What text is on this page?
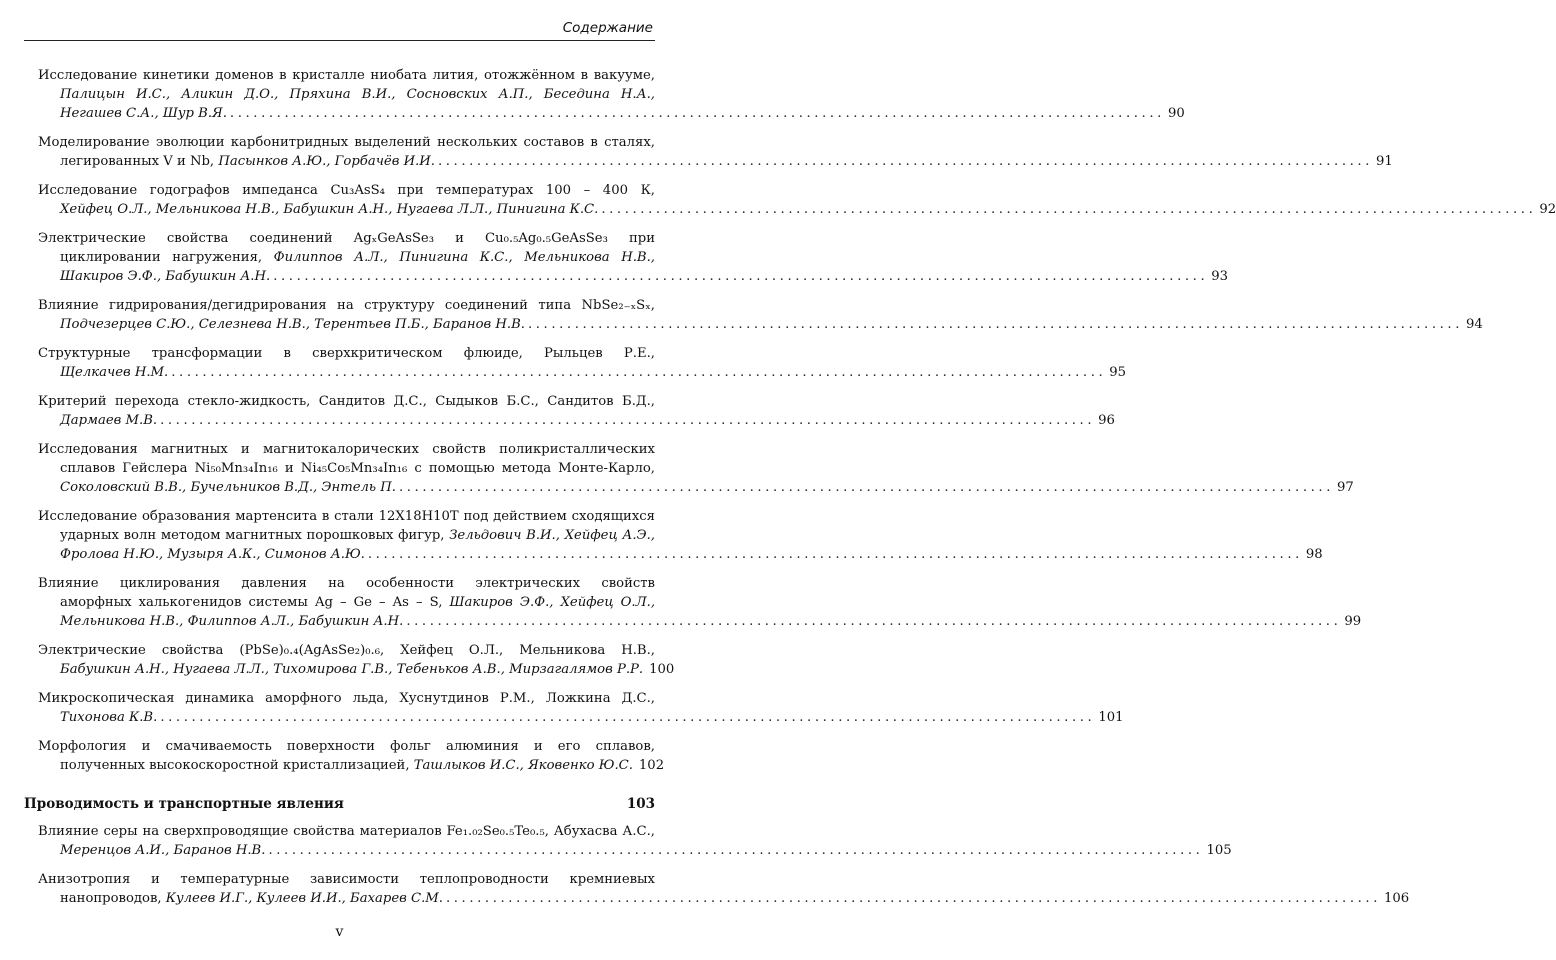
Содержание
Исследование кинетики доменов в кристалле ниобата лития, отожжённом в вакууме,
Палицын И.С., Аликин Д.О., Пряхина В.И., Сосновских А.П., Беседина Н.А.,
Негашев С.А., Шур В.Я. ........................................................................................................................ 90
Моделирование эволюции карбонитридных выделений нескольких составов в сталях,
легированных V и Nb, Пасынков А.Ю., Горбачёв И.И. ........................................................................................................................ 91
Исследование годографов импеданса Cu₃AsS₄ при температурах 100 – 400 К,
Хейфец О.Л., Мельникова Н.В., Бабушкин А.Н., Нугаева Л.Л., Пинигина К.С. ........................................................................................................................ 92
Электрические свойства соединений AgₓGeAsSe₃ и Cu₀.₅Ag₀.₅GeAsSe₃ при
циклировании нагружения, Филиппов А.Л., Пинигина К.С., Мельникова Н.В.,
Шакиров Э.Ф., Бабушкин А.Н. ........................................................................................................................ 93
Влияние гидрирования/дегидрирования на структуру соединений типа NbSe₂₋ₓSₓ,
Подчезерцев С.Ю., Селезнева Н.В., Терентьев П.Б., Баранов Н.В. ........................................................................................................................ 94
Структурные трансформации в сверхкритическом флюиде, Рыльцев Р.Е.,
Щелкачев Н.М. ........................................................................................................................ 95
Критерий перехода стекло-жидкость, Сандитов Д.С., Сыдыков Б.С., Сандитов Б.Д.,
Дармаев М.В. ........................................................................................................................ 96
Исследования магнитных и магнитокалорических свойств поликристаллических
сплавов Гейслера Ni₅₀Mn₃₄In₁₆ и Ni₄₅Co₅Mn₃₄In₁₆ с помощью метода Монте-Карло,
Соколовский В.В., Бучельников В.Д., Энтель П. ........................................................................................................................ 97
Исследование образования мартенсита в стали 12Х18Н10Т под действием сходящихся
ударных волн методом магнитных порошковых фигур, Зельдович В.И., Хейфец А.Э.,
Фролова Н.Ю., Музыря А.К., Симонов А.Ю. ........................................................................................................................ 98
Влияние циклирования давления на особенности электрических свойств
аморфных халькогенидов системы Ag – Ge – As – S, Шакиров Э.Ф., Хейфец О.Л.,
Мельникова Н.В., Филиппов А.Л., Бабушкин А.Н. ........................................................................................................................ 99
Электрические свойства (PbSe)₀.₄(AgAsSe₂)₀.₆, Хейфец О.Л., Мельникова Н.В.,
Бабушкин А.Н., Нугаева Л.Л., Тихомирова Г.В., Тебеньков А.В., Мирзагалямов Р.Р. 100
Микроскопическая динамика аморфного льда, Хуснутдинов Р.М., Ложкина Д.С.,
Тихонова К.В. ........................................................................................................................ 101
Морфология и смачиваемость поверхности фольг алюминия и его сплавов,
полученных высокоскоростной кристаллизацией, Ташлыков И.С., Яковенко Ю.С. 102
Проводимость и транспортные явления	103
Влияние серы на сверхпроводящие свойства материалов Fe₁.₀₂Se₀.₅Te₀.₅, Абухасва А.С.,
Меренцов А.И., Баранов Н.В. ........................................................................................................................ 105
Анизотропия и температурные зависимости теплопроводности кремниевых
нанопроводов, Кулеев И.Г., Кулеев И.И., Бахарев С.М. ........................................................................................................................ 106
v
